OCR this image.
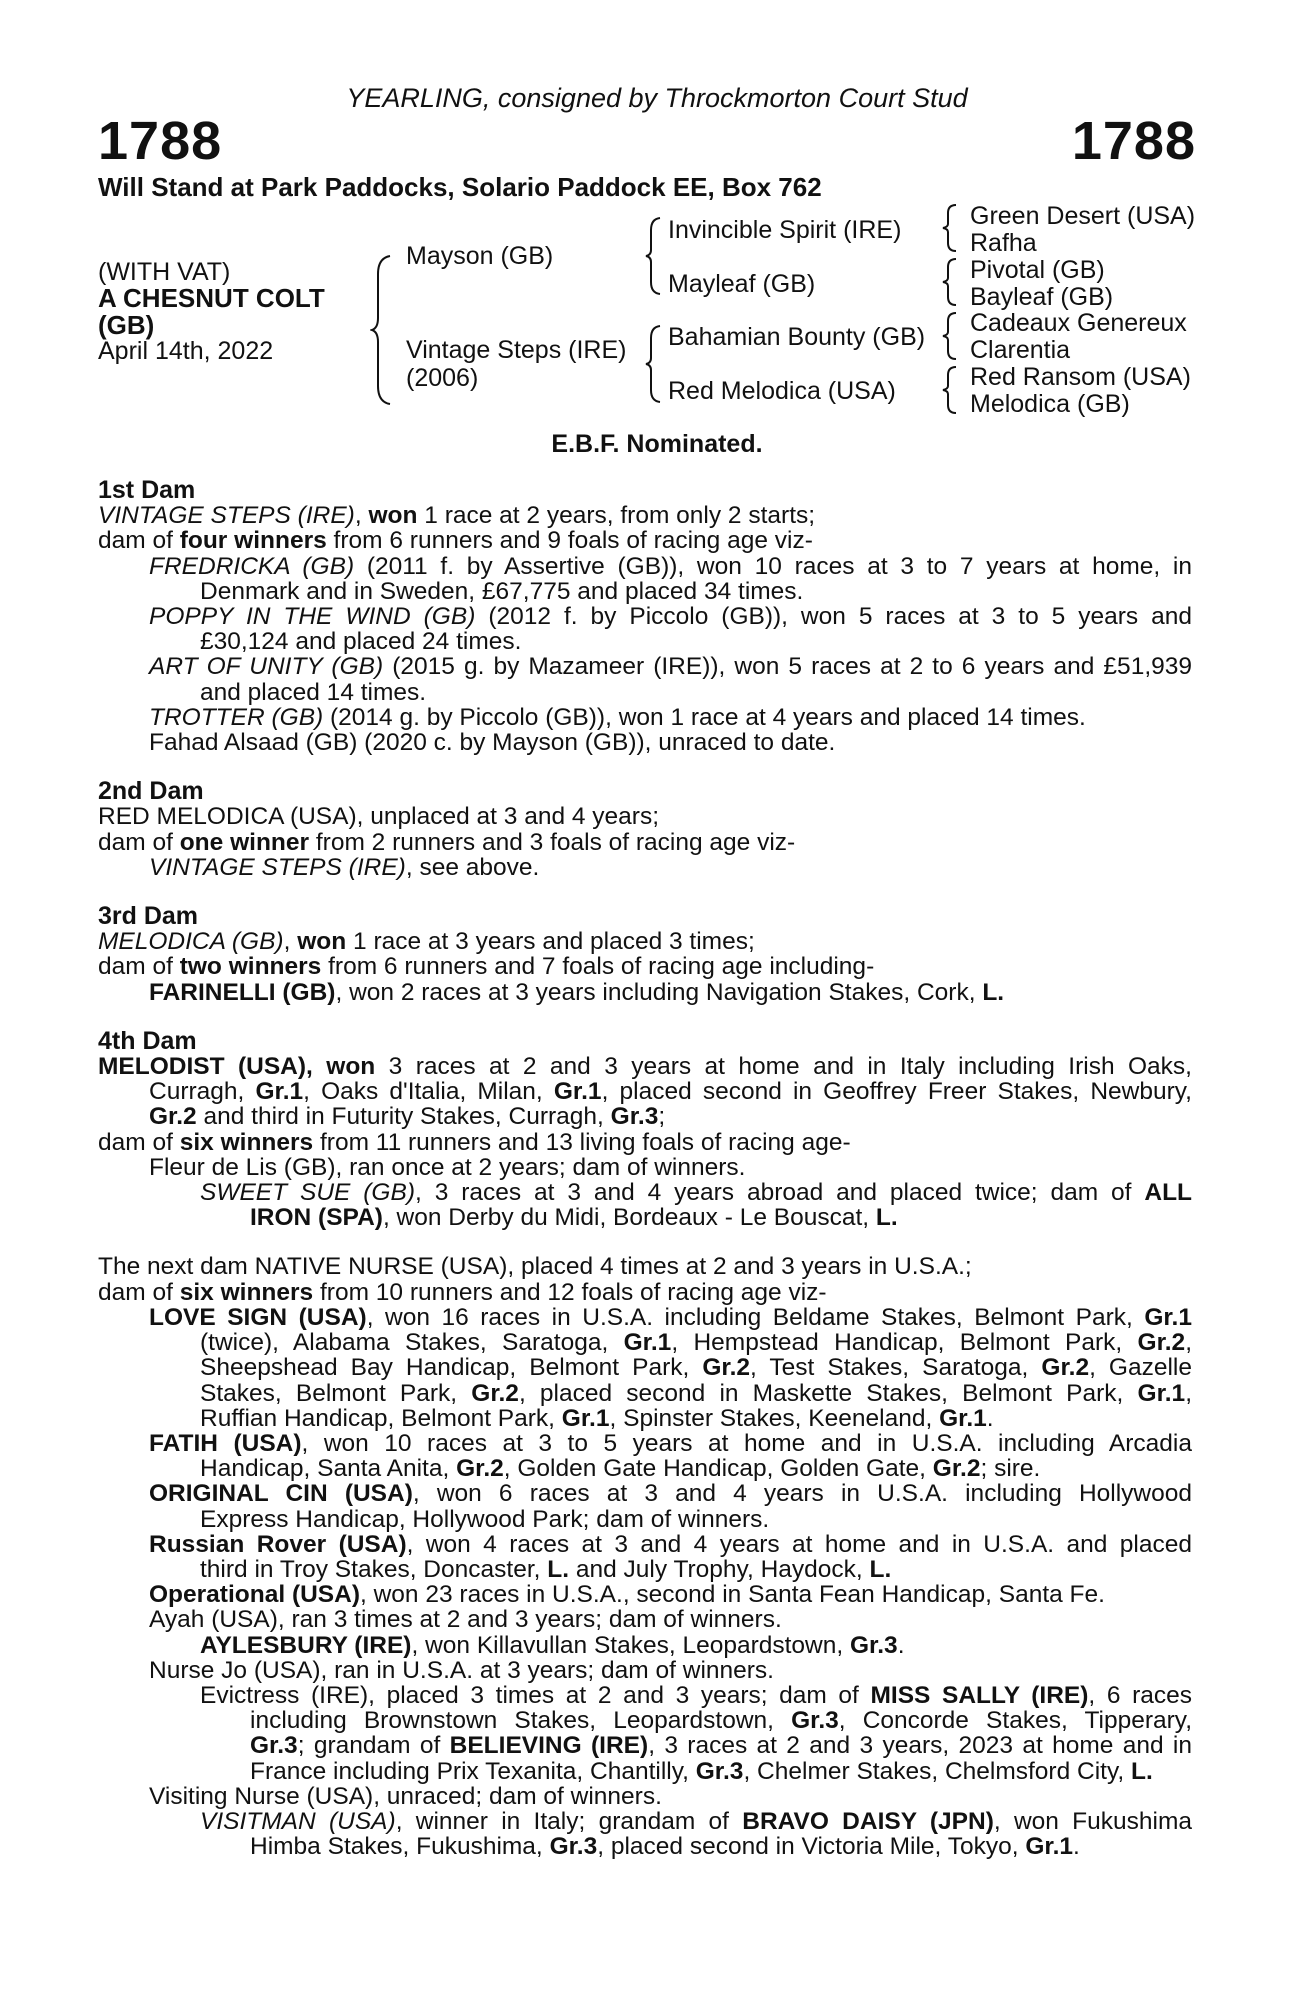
YEARLING, consigned by Throckmorton Court Stud
1788	1788
Will Stand at Park Paddocks, Solario Paddock EE, Box 762
(WITH VAT)
A CHESNUT COLT
(GB)
April 14th, 2022
Mayson (GB)
Vintage Steps (IRE)
(2006)
Invincible Spirit (IRE)
Mayleaf (GB)
Bahamian Bounty (GB)
Red Melodica (USA)
Green Desert (USA)
Rafha
Pivotal (GB)
Bayleaf (GB)
Cadeaux Genereux
Clarentia
Red Ransom (USA)
Melodica (GB)
E.B.F. Nominated.
1st Dam
VINTAGE STEPS (IRE), won 1 race at 2 years, from only 2 starts;
dam of four winners from 6 runners and 9 foals of racing age viz-
FREDRICKA (GB) (2011 f. by Assertive (GB)), won 10 races at 3 to 7 years at home, in
Denmark and in Sweden, £67,775 and placed 34 times.
POPPY IN THE WIND (GB) (2012 f. by Piccolo (GB)), won 5 races at 3 to 5 years and
£30,124 and placed 24 times.
ART OF UNITY (GB) (2015 g. by Mazameer (IRE)), won 5 races at 2 to 6 years and £51,939
and placed 14 times.
TROTTER (GB) (2014 g. by Piccolo (GB)), won 1 race at 4 years and placed 14 times.
Fahad Alsaad (GB) (2020 c. by Mayson (GB)), unraced to date.
2nd Dam
RED MELODICA (USA), unplaced at 3 and 4 years;
dam of one winner from 2 runners and 3 foals of racing age viz-
VINTAGE STEPS (IRE), see above.
3rd Dam
MELODICA (GB), won 1 race at 3 years and placed 3 times;
dam of two winners from 6 runners and 7 foals of racing age including-
FARINELLI (GB), won 2 races at 3 years including Navigation Stakes, Cork, L.
4th Dam
MELODIST (USA), won 3 races at 2 and 3 years at home and in Italy including Irish Oaks,
Curragh, Gr.1, Oaks d'Italia, Milan, Gr.1, placed second in Geoffrey Freer Stakes, Newbury,
Gr.2 and third in Futurity Stakes, Curragh, Gr.3;
dam of six winners from 11 runners and 13 living foals of racing age-
Fleur de Lis (GB), ran once at 2 years; dam of winners.
SWEET SUE (GB), 3 races at 3 and 4 years abroad and placed twice; dam of ALL
IRON (SPA), won Derby du Midi, Bordeaux - Le Bouscat, L.
The next dam NATIVE NURSE (USA), placed 4 times at 2 and 3 years in U.S.A.;
dam of six winners from 10 runners and 12 foals of racing age viz-
LOVE SIGN (USA), won 16 races in U.S.A. including Beldame Stakes, Belmont Park, Gr.1
(twice), Alabama Stakes, Saratoga, Gr.1, Hempstead Handicap, Belmont Park, Gr.2,
Sheepshead Bay Handicap, Belmont Park, Gr.2, Test Stakes, Saratoga, Gr.2, Gazelle
Stakes, Belmont Park, Gr.2, placed second in Maskette Stakes, Belmont Park, Gr.1,
Ruffian Handicap, Belmont Park, Gr.1, Spinster Stakes, Keeneland, Gr.1.
FATIH (USA), won 10 races at 3 to 5 years at home and in U.S.A. including Arcadia
Handicap, Santa Anita, Gr.2, Golden Gate Handicap, Golden Gate, Gr.2; sire.
ORIGINAL CIN (USA), won 6 races at 3 and 4 years in U.S.A. including Hollywood
Express Handicap, Hollywood Park; dam of winners.
Russian Rover (USA), won 4 races at 3 and 4 years at home and in U.S.A. and placed
third in Troy Stakes, Doncaster, L. and July Trophy, Haydock, L.
Operational (USA), won 23 races in U.S.A., second in Santa Fean Handicap, Santa Fe.
Ayah (USA), ran 3 times at 2 and 3 years; dam of winners.
AYLESBURY (IRE), won Killavullan Stakes, Leopardstown, Gr.3.
Nurse Jo (USA), ran in U.S.A. at 3 years; dam of winners.
Evictress (IRE), placed 3 times at 2 and 3 years; dam of MISS SALLY (IRE), 6 races
including Brownstown Stakes, Leopardstown, Gr.3, Concorde Stakes, Tipperary,
Gr.3; grandam of BELIEVING (IRE), 3 races at 2 and 3 years, 2023 at home and in
France including Prix Texanita, Chantilly, Gr.3, Chelmer Stakes, Chelmsford City, L.
Visiting Nurse (USA), unraced; dam of winners.
VISITMAN (USA), winner in Italy; grandam of BRAVO DAISY (JPN), won Fukushima
Himba Stakes, Fukushima, Gr.3, placed second in Victoria Mile, Tokyo, Gr.1.
